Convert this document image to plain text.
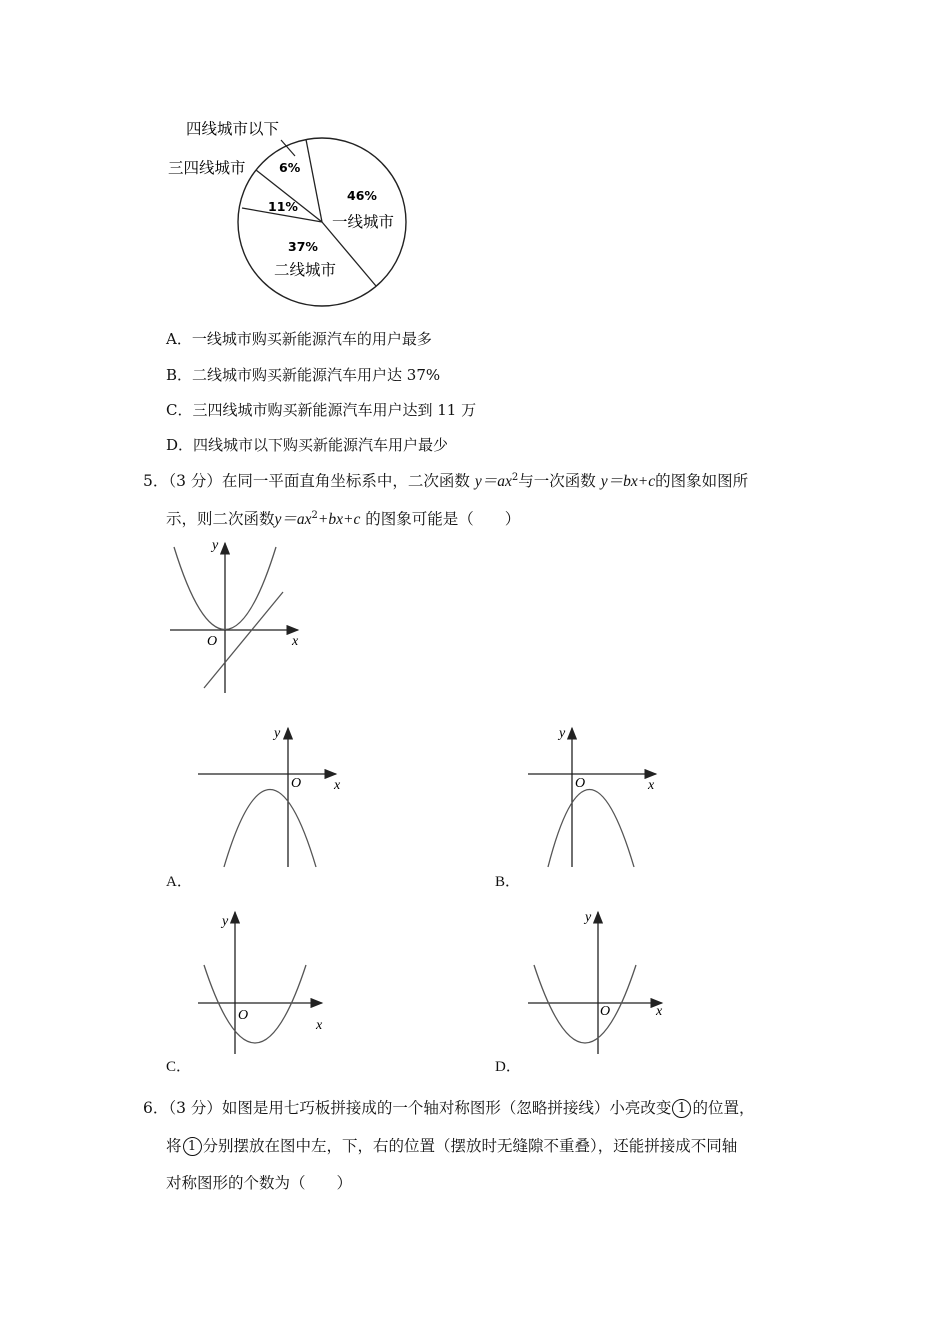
四线城市以下
三四线城市	6%
11%
46%
37%
一线城市
二线城市
A．一线城市购买新能源汽车的用户最多
B．二线城市购买新能源汽车用户达 37%
C．三四线城市购买新能源汽车用户达到 11 万
D．四线城市以下购买新能源汽车用户最少
5．（3 分）在同一平面直角坐标系中，二次函数 $y=ax^2$与一次函数 y＝bx+c的图象如图所
示，则二次函数$y=ax^2+bx+c$ 的图象可能是（　　）
y
x
O
y
x
O
A．
y
x
O
B．
y
x
O
C．
y
x
O
D．
6．（3 分）如图是用七巧板拼接成的一个轴对称图形（忽略拼接线）小亮改变 1 的位置，
将 1 分别摆放在图中左，下，右的位置（摆放时无缝隙不重叠），还能拼接成不同轴
对称图形的个数为（　　）
